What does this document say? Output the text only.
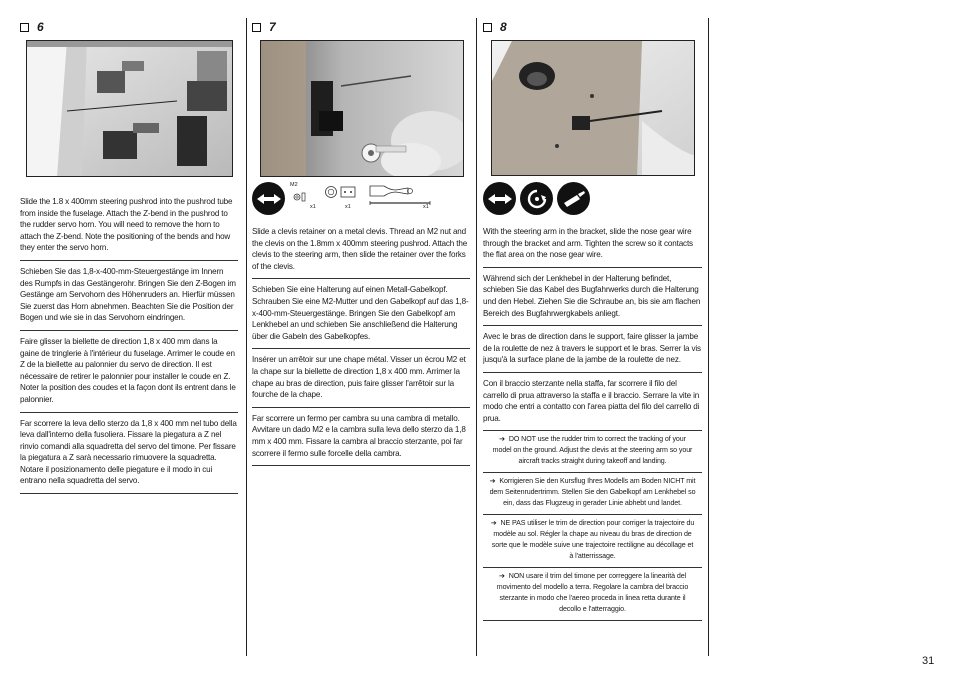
6
Slide the 1.8 x 400mm steering pushrod into the pushrod tube from inside the fuselage. Attach the Z-bend in the pushrod to the rudder servo horn. You will need to remove the horn to attach the Z-bend. Note the positioning of the bends and how they enter the servo horn.
Schieben Sie das 1,8-x-400-mm-Steuergestänge im Innern des Rumpfs in das Gestängerohr. Bringen Sie den Z-Bogen im Gestänge am Servohorn des Höhenruders an. Hierfür müssen Sie zuerst das Horn abnehmen. Beachten Sie die Position der Bogen und wie sie in das Servohorn eindringen.
Faire glisser la biellette de direction 1,8 x 400 mm dans la gaine de tringlerie à l'intérieur du fuselage. Arrimer le coude en Z de la biellette au palonnier du servo de direction. Il est nécessaire de retirer le palonnier pour installer le coude en Z. Noter la position des coudes et la façon dont ils entrent dans le palonnier.
Far scorrere la leva dello sterzo da 1,8 x 400 mm nel tubo della leva dall'interno della fusoliera. Fissare la piegatura a Z nel rinvio comandi alla squadretta del servo del timone. Per fissare la piegatura a Z sarà necessario rimuovere la squadretta. Notare il posizionamento delle piegature e il modo in cui entrano nella squadretta del servo.
7
M2
x1	x1	x1
Slide a clevis retainer on a metal clevis. Thread an M2 nut and the clevis on the 1.8mm x 400mm steering pushrod. Attach the clevis to the steering arm, then slide the retainer over the forks of the clevis.
Schieben Sie eine Halterung auf einen Metall-Gabelkopf. Schrauben Sie eine M2-Mutter und den Gabelkopf auf das 1,8-x-400-mm-Steuergestänge. Bringen Sie den Gabelkopf am Lenkhebel an und schieben Sie anschließend die Halterung über die Gabeln des Gabelkopfes.
Insérer un arrêtoir sur une chape métal. Visser un écrou M2 et la chape sur la biellette de direction 1,8 x 400 mm. Arrimer la chape au bras de direction, puis faire glisser l'arrêtoir sur la fourche de la chape.
Far scorrere un fermo per cambra su una cambra di metallo. Avvitare un dado M2 e la cambra sulla leva dello sterzo da 1,8 mm x 400 mm. Fissare la cambra al braccio sterzante, poi far scorrere il fermo sulle forcelle della cambra.
8
With the steering arm in the bracket, slide the nose gear wire through the bracket and arm. Tighten the screw so it contacts the flat area on the nose gear wire.
Während sich der Lenkhebel in der Halterung befindet, schieben Sie das Kabel des Bugfahrwerks durch die Halterung und den Hebel. Ziehen Sie die Schraube an, bis sie am flachen Bereich des Bugfahrwergkabels anliegt.
Avec le bras de direction dans le support, faire glisser la jambe de la roulette de nez à travers le support et le bras. Serrer la vis jusqu'à la surface plane de la jambe de la roulette de nez.
Con il braccio sterzante nella staffa, far scorrere il filo del carrello di prua attraverso la staffa e il braccio. Serrare la vite in modo che entri a contatto con l'area piatta del filo del carrello di prua.
➔ DO NOT use the rudder trim to correct the tracking of your model on the ground. Adjust the clevis at the steering arm so your aircraft tracks straight during takeoff and landing.
➔ Korrigieren Sie den Kursflug Ihres Modells am Boden NICHT mit dem Seitenrudertrimm. Stellen Sie den Gabelkopf am Lenkhebel so ein, dass das Flugzeug in gerader Linie abhebt und landet.
➔ NE PAS utiliser le trim de direction pour corriger la trajectoire du modèle au sol. Régler la chape au niveau du bras de direction de sorte que le modèle suive une trajectoire rectiligne au décollage et à l'atterrissage.
➔ NON usare il trim del timone per correggere la linearità del movimento del modello a terra. Regolare la cambra del braccio sterzante in modo che l'aereo proceda in linea retta durante il decollo e l'atterraggio.
31
